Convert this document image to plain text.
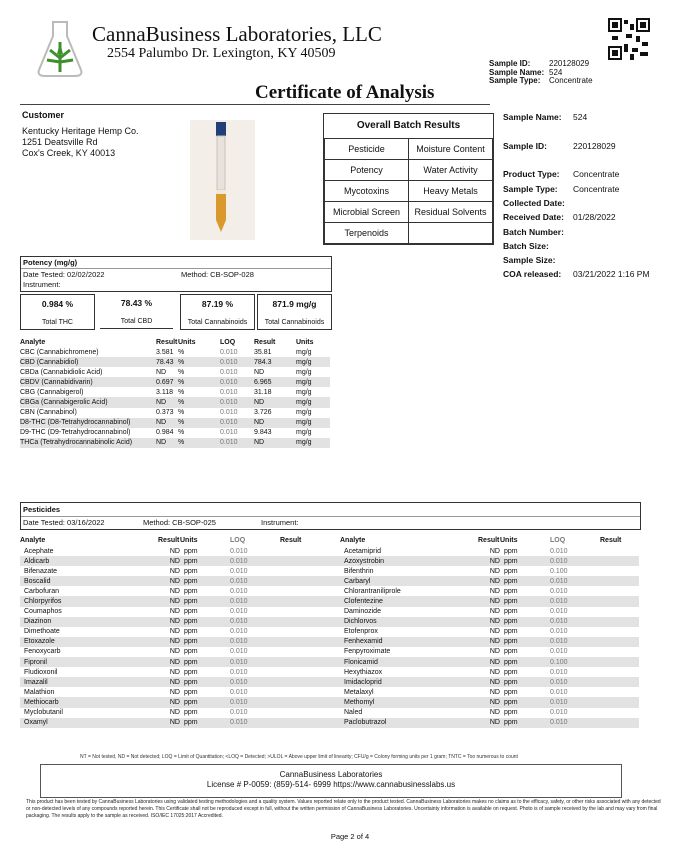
CannaBusiness Laboratories, LLC
2554 Palumbo Dr. Lexington, KY 40509
Sample ID: 220128029
Sample Name: 524
Sample Type: Concentrate
Certificate of Analysis
Customer
Kentucky Heritage Hemp Co.
1251 Deatsville Rd
Cox's Creek, KY 40013
Overall Batch Results
Pesticide	Moisture Content
Potency	Water Activity
Mycotoxins	Heavy Metals
Microbial Screen	Residual Solvents
Terpenoids	
Sample Name:	524
Sample ID:	220128029
Product Type:	Concentrate
Sample Type:	Concentrate
Collected Date:
Received Date:	01/28/2022
Batch Number:
Batch Size:
Sample Size:
COA released:	03/21/2022 1:16 PM
Potency (mg/g)
Date Tested: 02/02/2022	Method: CB-SOP-028
Instrument:
0.984 %
Total THC
78.43 %
Total CBD
87.19 %
Total Cannabinoids
871.9 mg/g
Total Cannabinoids
Analyte	Result	Units	LOQ	Result	Units
CBC (Cannabichromene)	3.581	%	0.010	35.81	mg/g
CBD (Cannabidiol)	78.43	%	0.010	784.3	mg/g
CBDa (Cannabidiolic Acid)	ND	%	0.010	ND	mg/g
CBDV (Cannabidivarin)	0.697	%	0.010	6.965	mg/g
CBG (Cannabigerol)	3.118	%	0.010	31.18	mg/g
CBGa (Cannabigerolic Acid)	ND	%	0.010	ND	mg/g
CBN (Cannabinol)	0.373	%	0.010	3.726	mg/g
D8-THC (D8-Tetrahydrocannabinol)	ND	%	0.010	ND	mg/g
D9-THC (D9-Tetrahydrocannabinol)	0.984	%	0.010	9.843	mg/g
THCa (Tetrahydrocannabinolic Acid)	ND	%	0.010	ND	mg/g
Pesticides
Date Tested: 03/16/2022	Method: CB-SOP-025	Instrument:
Analyte	Result	Units	LOQ	Result	Analyte	Result	Units	LOQ	Result
Acephate	ND	ppm	0.010		Acetamiprid	ND	ppm	0.010	
Aldicarb	ND	ppm	0.010		Azoxystrobin	ND	ppm	0.010	
Bifenazate	ND	ppm	0.010		Bifenthrin	ND	ppm	0.100	
Boscalid	ND	ppm	0.010		Carbaryl	ND	ppm	0.010	
Carbofuran	ND	ppm	0.010		Chlorantraniliprole	ND	ppm	0.010	
Chlorpyrifos	ND	ppm	0.010		Clofentezine	ND	ppm	0.010	
Coumaphos	ND	ppm	0.010		Daminozide	ND	ppm	0.010	
Diazinon	ND	ppm	0.010		Dichlorvos	ND	ppm	0.010	
Dimethoate	ND	ppm	0.010		Etofenprox	ND	ppm	0.010	
Etoxazole	ND	ppm	0.010		Fenhexamid	ND	ppm	0.010	
Fenoxycarb	ND	ppm	0.010		Fenpyroximate	ND	ppm	0.010	
Fipronil	ND	ppm	0.010		Flonicamid	ND	ppm	0.100	
Fludioxonil	ND	ppm	0.010		Hexythiazox	ND	ppm	0.010	
Imazalil	ND	ppm	0.010		Imidacloprid	ND	ppm	0.010	
Malathion	ND	ppm	0.010		Metalaxyl	ND	ppm	0.010	
Methiocarb	ND	ppm	0.010		Methomyl	ND	ppm	0.010	
Myclobutanil	ND	ppm	0.010		Naled	ND	ppm	0.010	
Oxamyl	ND	ppm	0.010		Paclobutrazol	ND	ppm	0.010	
NT = Not tested, ND = Not detected; LOQ = Limit of Quantitation; <LOQ = Detected; >ULOL = Above upper limit of linearity; CFU/g = Colony forming units per 1 gram; TNTC = Too numerous to count
CannaBusiness Laboratories
License # P-0059: (859)-514- 6999 https://www.cannabusinesslabs.us
This product has been tested by CannaBusiness Laboratories using validated testing methodologies and a quality system. Values reported relate only to the product tested. CannaBusiness Laboratories makes no claims as to the efficacy, safety, or other risks associated with any detected or non-detected levels of any compounds reported herein. This Certificate shall not be reproduced except in full, without the written permission of CannaBusiness Laboratories. Uncertainty information is available on request. Photo is of sample received by the lab and may vary from final packaging. The results apply to the sample as received. ISO/IEC 17025:2017 Accredited.
Page 2 of 4
